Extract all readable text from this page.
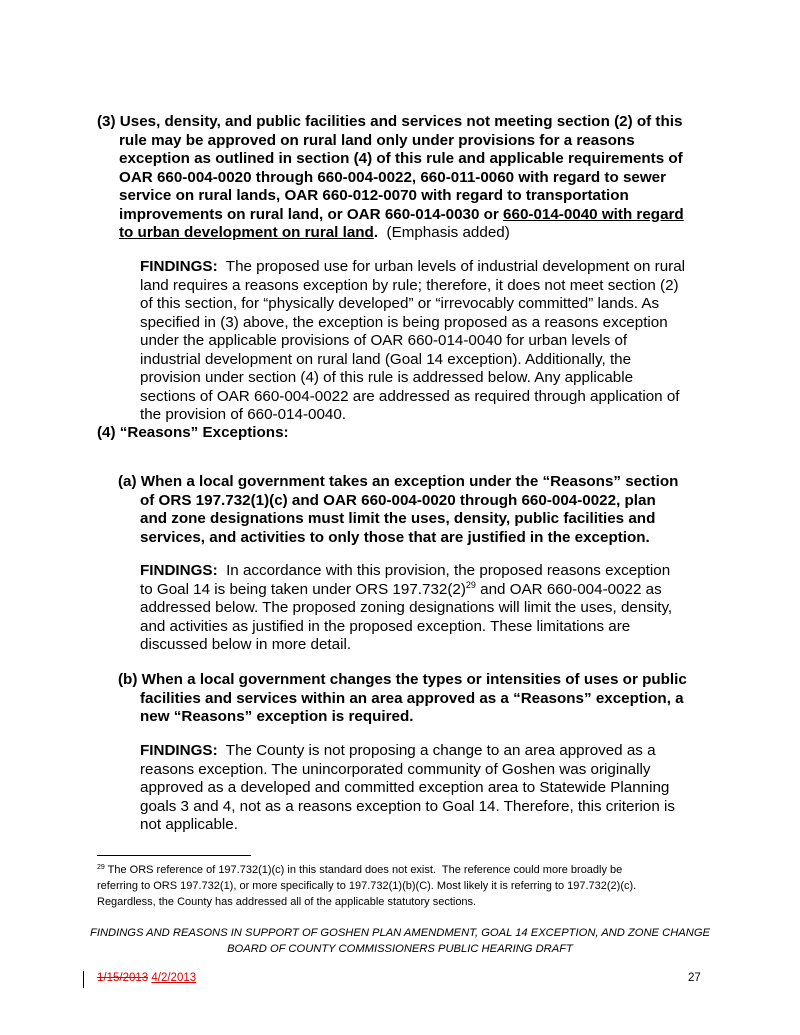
(3) Uses, density, and public facilities and services not meeting section (2) of this
rule may be approved on rural land only under provisions for a reasons
exception as outlined in section (4) of this rule and applicable requirements of
OAR 660-004-0020 through 660-004-0022, 660-011-0060 with regard to sewer
service on rural lands, OAR 660-012-0070 with regard to transportation
improvements on rural land, or OAR 660-014-0030 or 660-014-0040 with regard
to urban development on rural land.  (Emphasis added)
FINDINGS:  The proposed use for urban levels of industrial development on rural
land requires a reasons exception by rule; therefore, it does not meet section (2)
of this section, for “physically developed” or “irrevocably committed” lands. As
specified in (3) above, the exception is being proposed as a reasons exception
under the applicable provisions of OAR 660-014-0040 for urban levels of
industrial development on rural land (Goal 14 exception). Additionally, the
provision under section (4) of this rule is addressed below. Any applicable
sections of OAR 660-004-0022 are addressed as required through application of
the provision of 660-014-0040.
(4) “Reasons” Exceptions:
(a) When a local government takes an exception under the “Reasons” section
of ORS 197.732(1)(c) and OAR 660-004-0020 through 660-004-0022, plan
and zone designations must limit the uses, density, public facilities and
services, and activities to only those that are justified in the exception.
FINDINGS:  In accordance with this provision, the proposed reasons exception
to Goal 14 is being taken under ORS $197.732(2)^{29}$ and OAR 660-004-0022 as
addressed below. The proposed zoning designations will limit the uses, density,
and activities as justified in the proposed exception. These limitations are
discussed below in more detail.
(b) When a local government changes the types or intensities of uses or public
facilities and services within an area approved as a “Reasons” exception, a
new “Reasons” exception is required.
FINDINGS:  The County is not proposing a change to an area approved as a
reasons exception. The unincorporated community of Goshen was originally
approved as a developed and committed exception area to Statewide Planning
goals 3 and 4, not as a reasons exception to Goal 14. Therefore, this criterion is
not applicable.
$^{29}$ The ORS reference of 197.732(1)(c) in this standard does not exist.  The reference could more broadly be
referring to ORS 197.732(1), or more specifically to 197.732(1)(b)(C). Most likely it is referring to 197.732(2)(c).
Regardless, the County has addressed all of the applicable statutory sections.
FINDINGS AND REASONS IN SUPPORT OF GOSHEN PLAN AMENDMENT, GOAL 14 EXCEPTION, AND ZONE CHANGE
BOARD OF COUNTY COMMISSIONERS PUBLIC HEARING DRAFT
1/15/2013 4/2/2013	27
